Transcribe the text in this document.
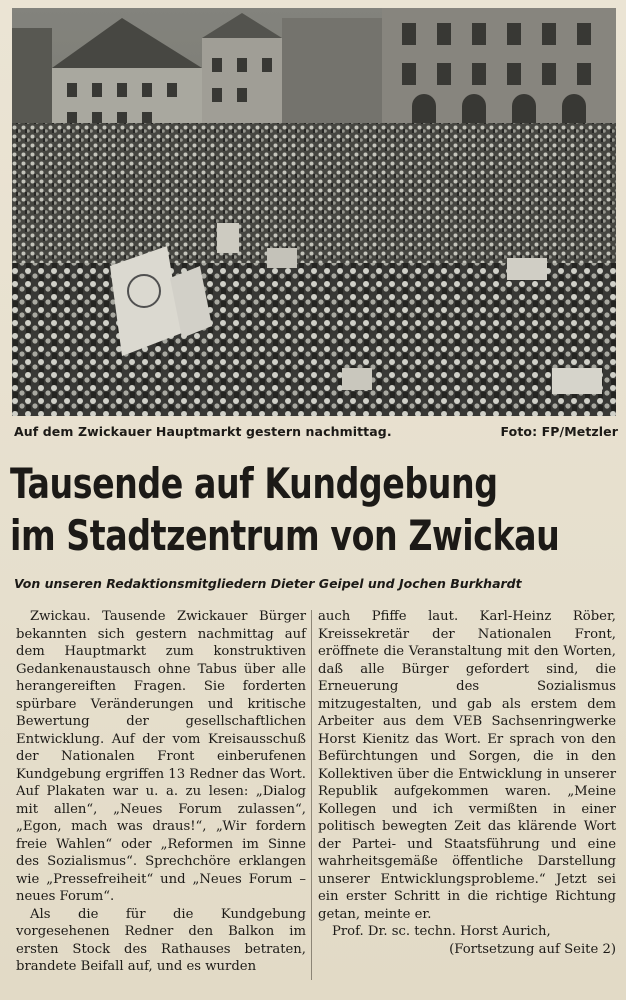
Auf dem Zwickauer Hauptmarkt gestern nachmittag.	Foto: FP/Metzler
Tausende auf Kundgebung
im Stadtzentrum von Zwickau
Von unseren Redaktionsmitgliedern Dieter Geipel und Jochen Burkhardt

Zwickau. Tausende Zwickauer Bürger bekannten sich gestern nachmittag auf dem Hauptmarkt zum konstruktiven Gedankenaustausch ohne Tabus über alle herangereiften Fragen. Sie forderten spürbare Veränderungen und kritische Bewertung der gesellschaftlichen Entwicklung. Auf der vom Kreisausschuß der Nationalen Front einberufenen Kundgebung ergriffen 13 Redner das Wort. Auf Plakaten war u. a. zu lesen: „Dialog mit allen“, „Neues Forum zulassen“, „Egon, mach was draus!“, „Wir fordern freie Wahlen“ oder „Reformen im Sinne des Sozialismus“. Sprechchöre erklangen wie „Pressefreiheit“ und „Neues Forum – neues Forum“.

Als die für die Kundgebung vorgesehenen Redner den Balkon im ersten Stock des Rathauses betraten, brandete Beifall auf, und es wurden

auch Pfiffe laut. Karl-Heinz Röber, Kreissekretär der Nationalen Front, eröffnete die Veranstaltung mit den Worten, daß alle Bürger gefordert sind, die Erneuerung des Sozialismus mitzugestalten, und gab als erstem dem Arbeiter aus dem VEB Sachsenringwerke Horst Kienitz das Wort. Er sprach von den Befürchtungen und Sorgen, die in den Kollektiven über die Entwicklung in unserer Republik aufgekommen waren. „Meine Kollegen und ich vermißten in einer politisch bewegten Zeit das klärende Wort der Partei- und Staatsführung und eine wahrheitsgemäße öffentliche Darstellung unserer Entwicklungsprobleme.“ Jetzt sei ein erster Schritt in die richtige Richtung getan, meinte er.

Prof. Dr. sc. techn. Horst Aurich,

(Fortsetzung auf Seite 2)
